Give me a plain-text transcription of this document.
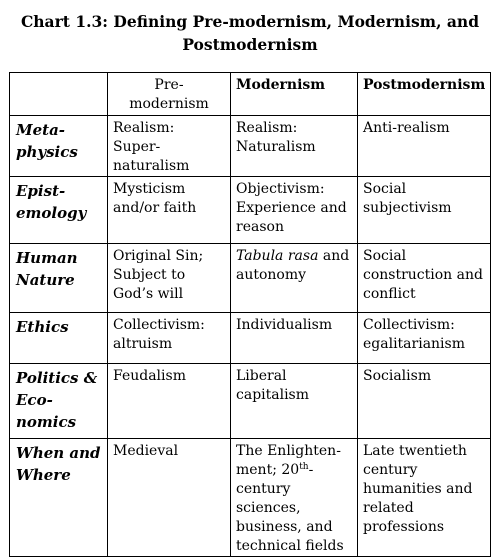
Chart 1.3: Defining Pre-modernism, Modernism, and
Postmodernism
	Pre-modernism	Modernism	Postmodernism
Meta-physics	Realism: Super-naturalism	Realism: Naturalism	Anti-realism
Epist-emology	Mysticism and/or faith	Objectivism: Experience and reason	Social subjectivism
Human Nature	Original Sin; Subject to God’s will	Tabula rasa and autonomy	Social construction and conflict
Ethics	Collectivism: altruism	Individualism	Collectivism: egalitarianism
Politics & Eco-nomics	Feudalism	Liberal capitalism	Socialism
When and Where	Medieval	The Enlighten-ment; 20th-century sciences, business, and technical fields	Late twentieth century humanities and related professions
